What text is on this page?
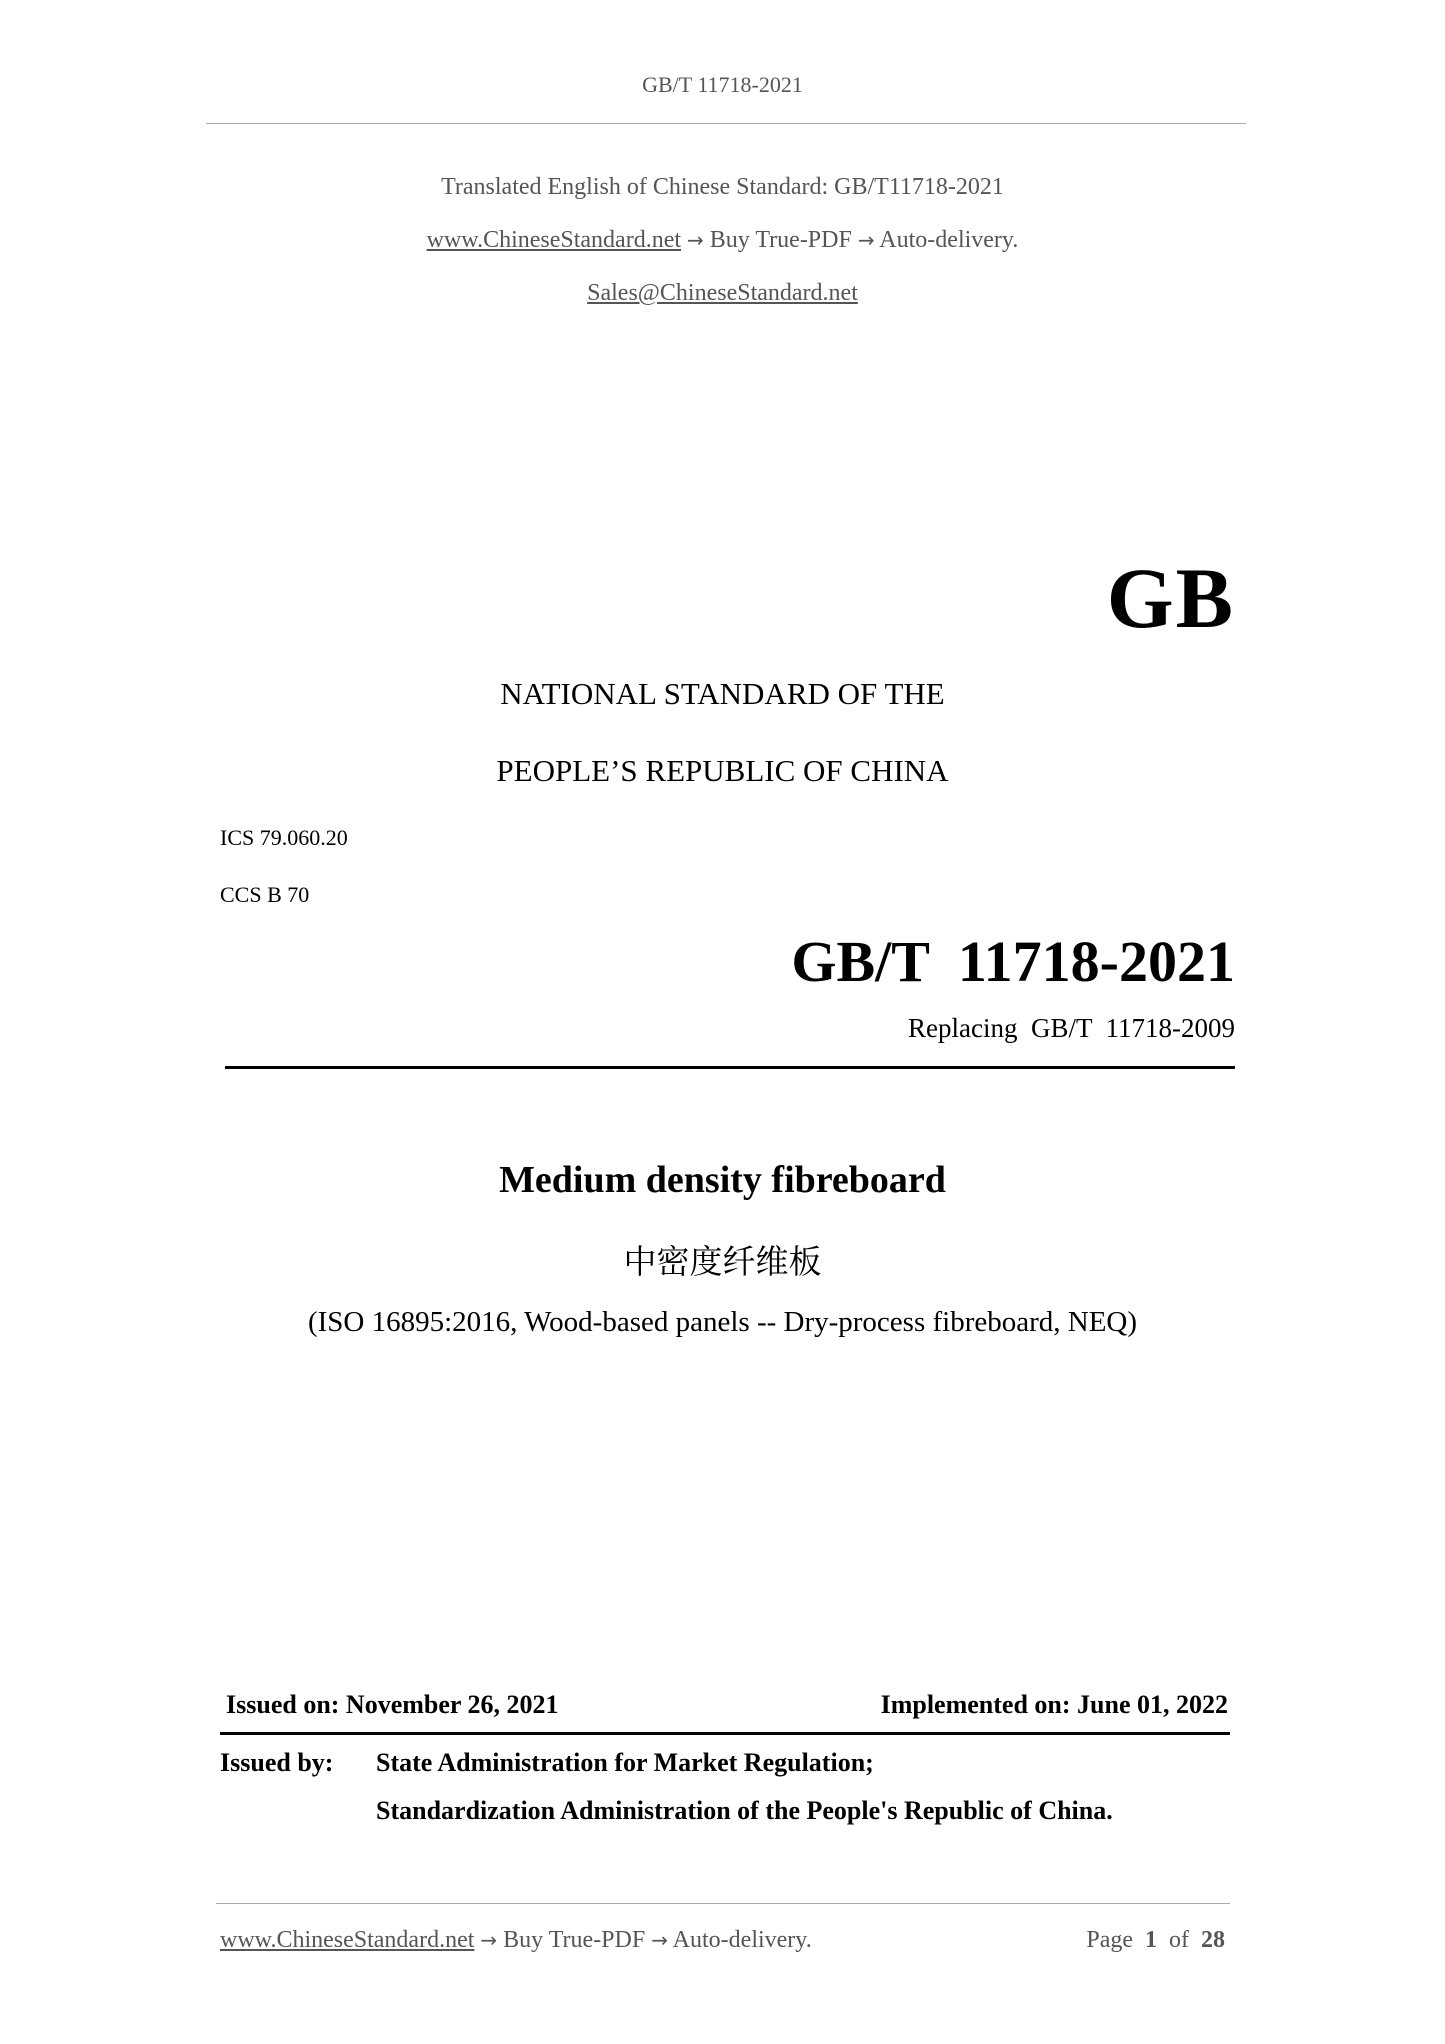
GB/T 11718-2021
Translated English of Chinese Standard: GB/T11718-2021
www.ChineseStandard.net → Buy True-PDF → Auto-delivery.
Sales@ChineseStandard.net
GB
NATIONAL STANDARD OF THE
PEOPLE’S REPUBLIC OF CHINA
ICS 79.060.20
CCS B 70
GB/T  11718-2021
Replacing  GB/T  11718-2009
Medium density fibreboard
中密度纤维板
(ISO 16895:2016, Wood-based panels -- Dry-process fibreboard, NEQ)
Issued on: November 26, 2021	Implemented on: June 01, 2022
Issued by: State Administration for Market Regulation;
Standardization Administration of the People's Republic of China.
www.ChineseStandard.net → Buy True-PDF → Auto-delivery.	Page 1 of 28
